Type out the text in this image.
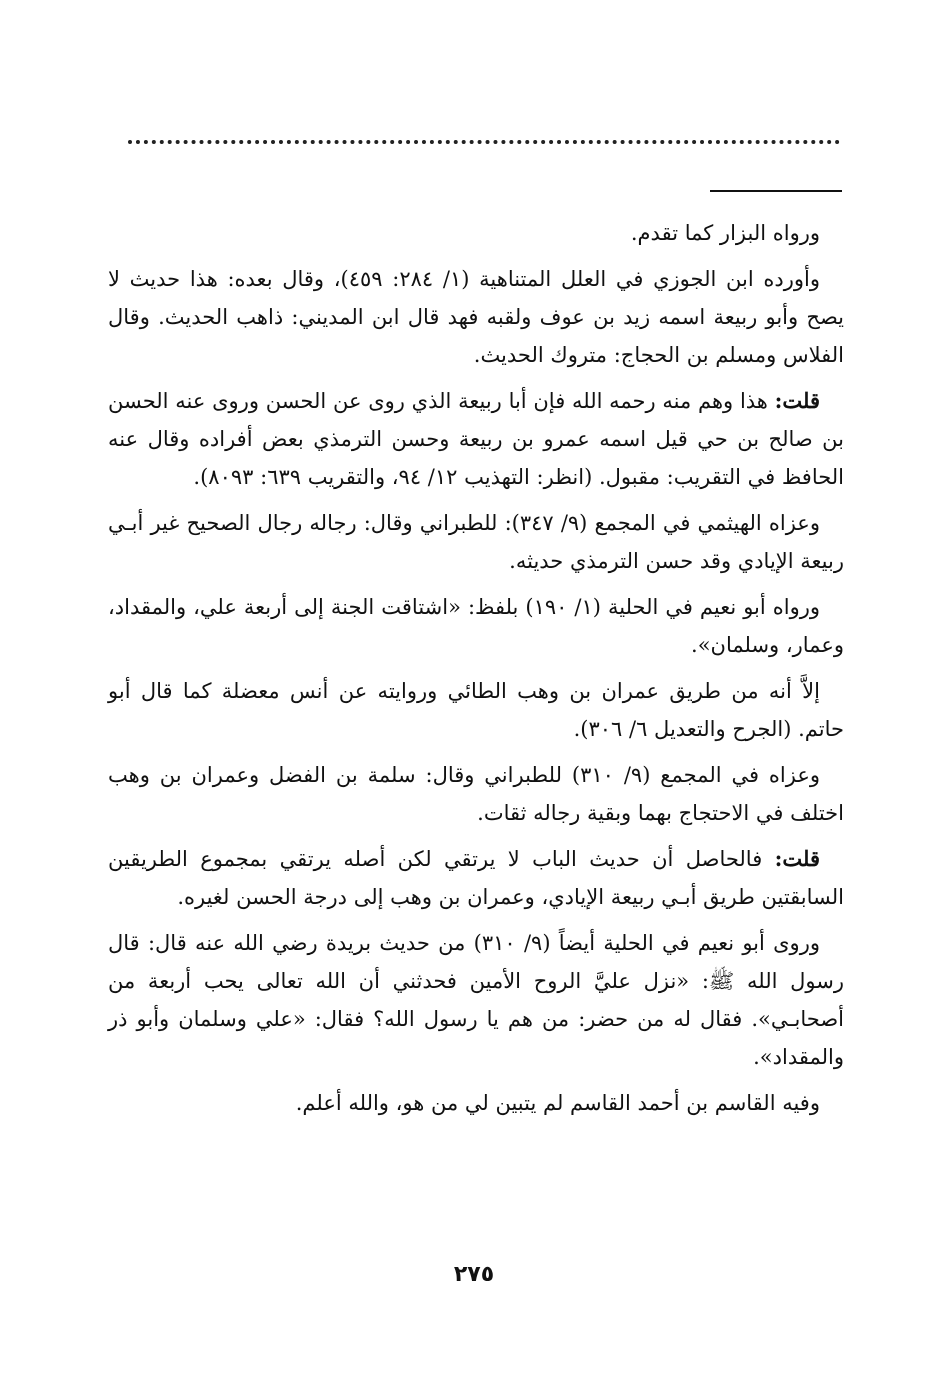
ورواه البزار كما تقدم.

وأورده ابن الجوزي في العلل المتناهية (١/ ٢٨٤: ٤٥٩)، وقال بعده: هذا حديث لا يصح وأبو ربيعة اسمه زيد بن عوف ولقبه فهد قال ابن المديني: ذاهب الحديث. وقال الفلاس ومسلم بن الحجاج: متروك الحديث.

قلت: هذا وهم منه رحمه الله فإن أبا ربيعة الذي روى عن الحسن وروى عنه الحسن بن صالح بن حي قيل اسمه عمرو بن ربيعة وحسن الترمذي بعض أفراده وقال عنه الحافظ في التقريب: مقبول. (انظر: التهذيب ١٢/ ٩٤، والتقريب ٦٣٩: ٨٠٩٣).

وعزاه الهيثمي في المجمع (٩/ ٣٤٧): للطبراني وقال: رجاله رجال الصحيح غير أبـي ربيعة الإيادي وقد حسن الترمذي حديثه.

ورواه أبو نعيم في الحلية (١/ ١٩٠) بلفظ: «اشتاقت الجنة إلى أربعة علي، والمقداد، وعمار، وسلمان».

إلاَّ أنه من طريق عمران بن وهب الطائي وروايته عن أنس معضلة كما قال أبو حاتم. (الجرح والتعديل ٦/ ٣٠٦).

وعزاه في المجمع (٩/ ٣١٠) للطبراني وقال: سلمة بن الفضل وعمران بن وهب اختلف في الاحتجاج بهما وبقية رجاله ثقات.

قلت: فالحاصل أن حديث الباب لا يرتقي لكن أصله يرتقي بمجموع الطريقين السابقتين طريق أبـي ربيعة الإيادي، وعمران بن وهب إلى درجة الحسن لغيره.

وروى أبو نعيم في الحلية أيضاً (٩/ ٣١٠) من حديث بريدة رضي الله عنه قال: قال رسول الله ﷺ: «نزل عليَّ الروح الأمين فحدثني أن الله تعالى يحب أربعة من أصحابـي». فقال له من حضر: من هم يا رسول الله؟ فقال: «علي وسلمان وأبو ذر والمقداد».

وفيه القاسم بن أحمد القاسم لم يتبين لي من هو، والله أعلم.

٢٧٥
